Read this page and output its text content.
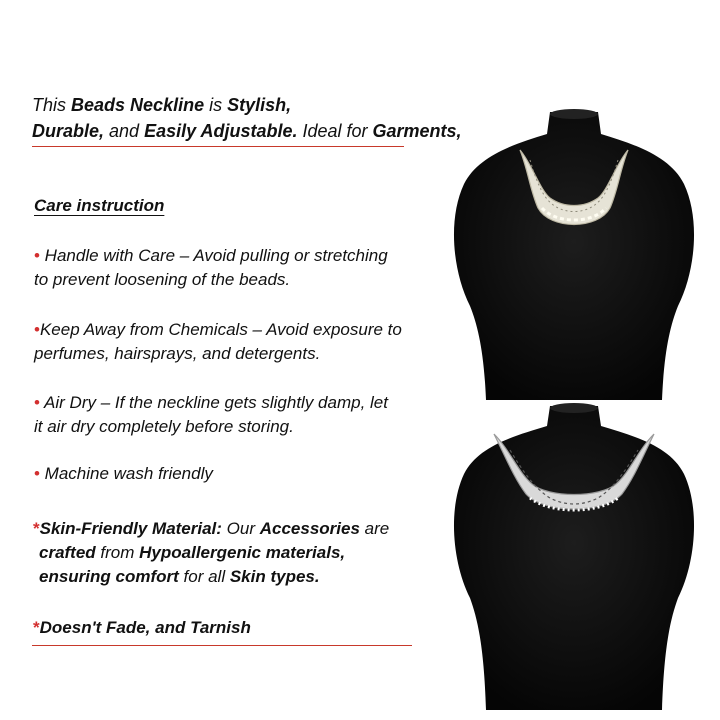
This Beads Neckline is Stylish,
Durable, and Easily Adjustable. Ideal for Garments,
Care instruction
• Handle with Care – Avoid pulling or stretching
to prevent loosening of the beads.
•Keep Away from Chemicals – Avoid exposure to
perfumes, hairsprays, and detergents.
• Air Dry – If the neckline gets slightly damp, let
it air dry completely before storing.
• Machine wash friendly
*Skin-Friendly Material: Our Accessories are
crafted from Hypoallergenic materials,
ensuring comfort for all Skin types.
*Doesn't Fade, and Tarnish
